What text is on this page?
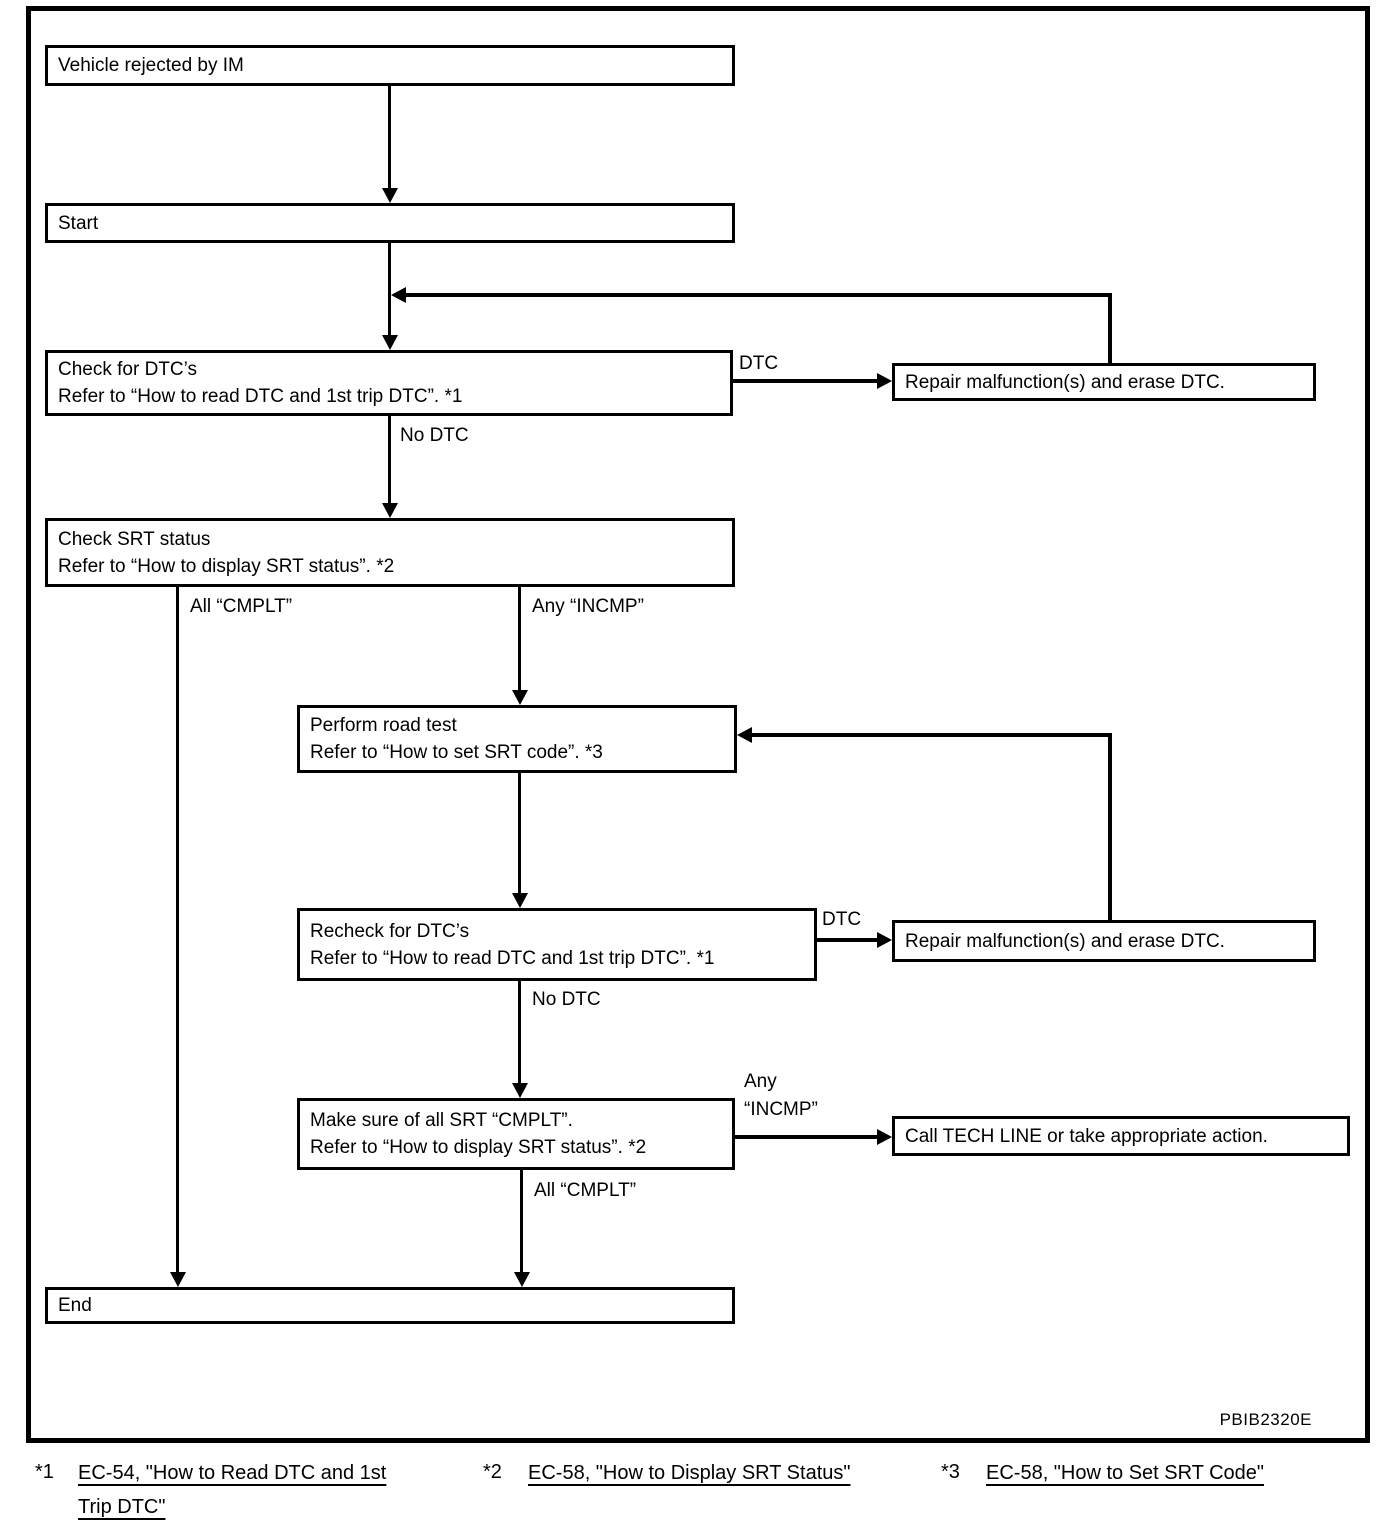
Vehicle rejected by IM
Start
Check for DTC’s
Refer to “How to read DTC and 1st trip DTC”. *1
Repair malfunction(s) and erase DTC.
Check SRT status
Refer to “How to display SRT status”. *2
Perform road test
Refer to “How to set SRT code”. *3
Recheck for DTC’s
Refer to “How to read DTC and 1st trip DTC”. *1
Repair malfunction(s) and erase DTC.
Make sure of all SRT “CMPLT”.
Refer to “How to display SRT status”. *2
Call TECH LINE or take appropriate action.
End
DTC
No DTC
All “CMPLT”	Any “INCMP”
DTC
No DTC
Any
“INCMP”
All “CMPLT”
PBIB2320E
*1 EC-54, "How to Read DTC and 1st
Trip DTC"
*2 EC-58, "How to Display SRT Status"	*3 EC-58, "How to Set SRT Code"
